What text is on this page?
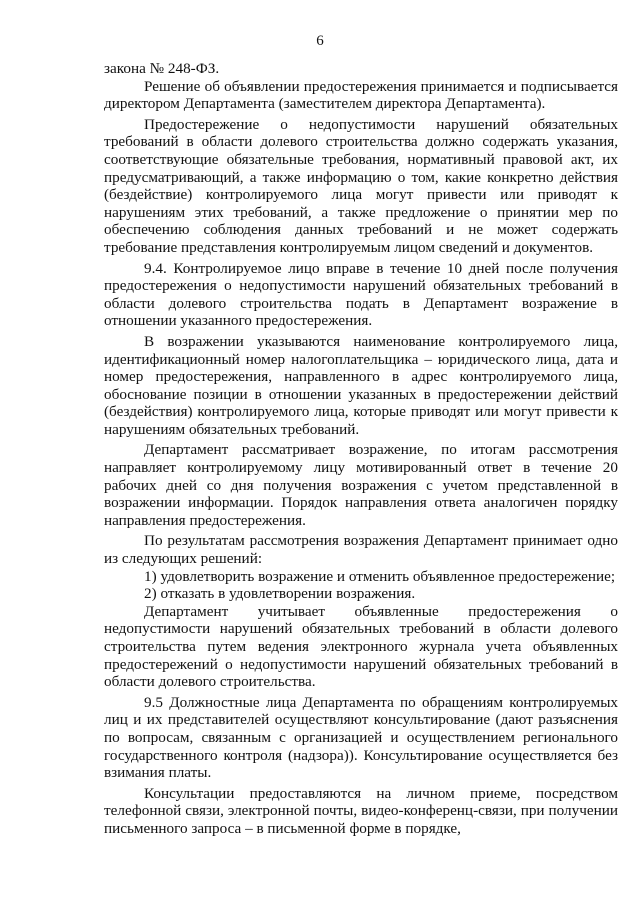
6

закона № 248-ФЗ.

Решение об объявлении предостережения принимается и подписывается директором Департамента (заместителем директора Департамента).

Предостережение о недопустимости нарушений обязательных требований в области долевого строительства должно содержать указания, соответствующие обязательные требования, нормативный правовой акт, их предусматривающий, а также информацию о том, какие конкретно действия (бездействие) контролируемого лица могут привести или приводят к нарушениям этих требований, а также предложение о принятии мер по обеспечению соблюдения данных требований и не может содержать требование представления контролируемым лицом сведений и документов.

9.4. Контролируемое лицо вправе в течение 10 дней после получения предостережения о недопустимости нарушений обязательных требований в области долевого строительства подать в Департамент возражение в отношении указанного предостережения.

В возражении указываются наименование контролируемого лица, идентификационный номер налогоплательщика – юридического лица, дата и номер предостережения, направленного в адрес контролируемого лица, обоснование позиции в отношении указанных в предостережении действий (бездействия) контролируемого лица, которые приводят или могут привести к нарушениям обязательных требований.

Департамент рассматривает возражение, по итогам рассмотрения направляет контролируемому лицу мотивированный ответ в течение 20 рабочих дней со дня получения возражения с учетом представленной в возражении информации. Порядок направления ответа аналогичен порядку направления предостережения.

По результатам рассмотрения возражения Департамент принимает одно из следующих решений:

1) удовлетворить возражение и отменить объявленное предостережение;

2) отказать в удовлетворении возражения.

Департамент учитывает объявленные предостережения о недопустимости нарушений обязательных требований в области долевого строительства путем ведения электронного журнала учета объявленных предостережений о недопустимости нарушений обязательных требований в области долевого строительства.

9.5 Должностные лица Департамента по обращениям контролируемых лиц и их представителей осуществляют консультирование (дают разъяснения по вопросам, связанным с организацией и осуществлением регионального государственного контроля (надзора)). Консультирование осуществляется без взимания платы.

Консультации предоставляются на личном приеме, посредством телефонной связи, электронной почты, видео-конференц-связи, при получении письменного запроса – в письменной форме в порядке,
